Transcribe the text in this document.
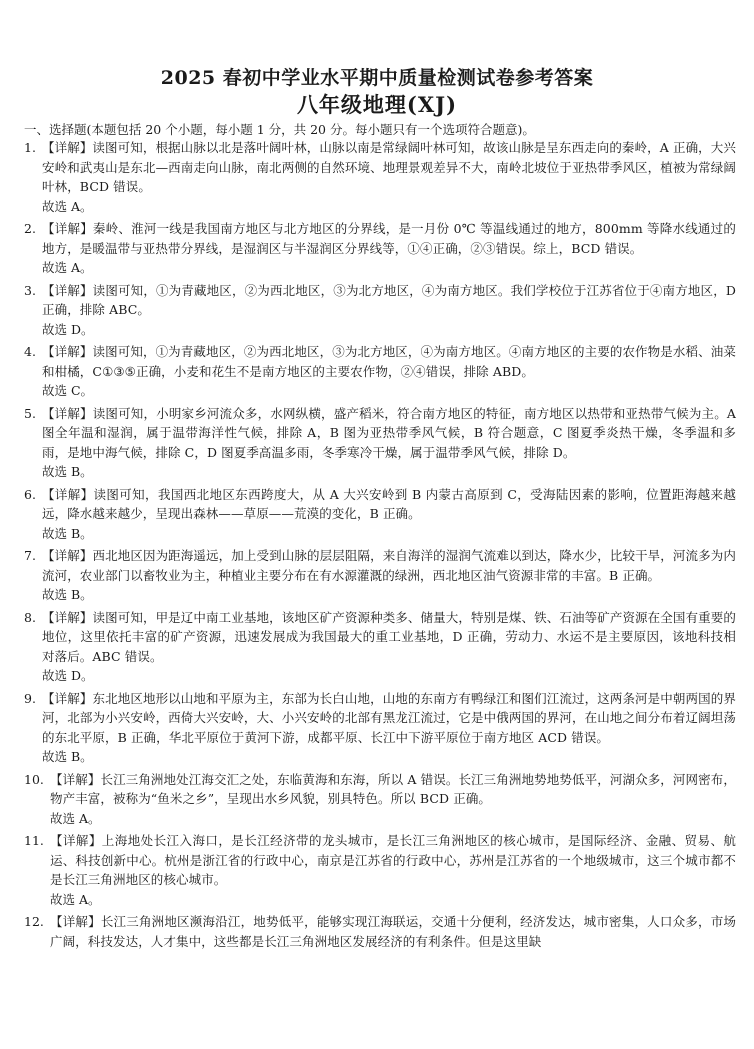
2025 春初中学业水平期中质量检测试卷参考答案
八年级地理(XJ)
一、选择题(本题包括 20 个小题，每小题 1 分，共 20 分。每小题只有一个选项符合题意)。
1. 【详解】读图可知，根据山脉以北是落叶阔叶林，山脉以南是常绿阔叶林可知，故该山脉是呈东西走向的秦岭，A 正确，大兴安岭和武夷山是东北—西南走向山脉，南北两侧的自然环境、地理景观差异不大，南岭北坡位于亚热带季风区，植被为常绿阔叶林，BCD 错误。
故选 A。
2. 【详解】秦岭、淮河一线是我国南方地区与北方地区的分界线，是一月份 0℃ 等温线通过的地方，800mm 等降水线通过的地方，是暖温带与亚热带分界线，是湿润区与半湿润区分界线等，①④正确，②③错误。综上，BCD 错误。
故选 A。
3. 【详解】读图可知，①为青藏地区，②为西北地区，③为北方地区，④为南方地区。我们学校位于江苏省位于④南方地区，D 正确，排除 ABC。
故选 D。
4. 【详解】读图可知，①为青藏地区，②为西北地区，③为北方地区，④为南方地区。④南方地区的主要的农作物是水稻、油菜和柑橘，C①③⑤正确，小麦和花生不是南方地区的主要农作物，②④错误，排除 ABD。
故选 C。
5. 【详解】读图可知，小明家乡河流众多，水网纵横，盛产稻米，符合南方地区的特征，南方地区以热带和亚热带气候为主。A 图全年温和湿润，属于温带海洋性气候，排除 A，B 图为亚热带季风气候，B 符合题意，C 图夏季炎热干燥，冬季温和多雨，是地中海气候，排除 C，D 图夏季高温多雨，冬季寒冷干燥，属于温带季风气候，排除 D。
故选 B。
6. 【详解】读图可知，我国西北地区东西跨度大，从 A 大兴安岭到 B 内蒙古高原到 C，受海陆因素的影响，位置距海越来越远，降水越来越少，呈现出森林——草原——荒漠的变化，B 正确。
故选 B。
7. 【详解】西北地区因为距海遥远，加上受到山脉的层层阻隔，来自海洋的湿润气流难以到达，降水少，比较干旱，河流多为内流河，农业部门以畜牧业为主，种植业主要分布在有水源灌溉的绿洲，西北地区油气资源非常的丰富。B 正确。
故选 B。
8. 【详解】读图可知，甲是辽中南工业基地，该地区矿产资源种类多、储量大，特别是煤、铁、石油等矿产资源在全国有重要的地位，这里依托丰富的矿产资源，迅速发展成为我国最大的重工业基地，D 正确，劳动力、水运不是主要原因，该地科技相对落后。ABC 错误。
故选 D。
9. 【详解】东北地区地形以山地和平原为主，东部为长白山地，山地的东南方有鸭绿江和图们江流过，这两条河是中朝两国的界河，北部为小兴安岭，西倚大兴安岭，大、小兴安岭的北部有黑龙江流过，它是中俄两国的界河，在山地之间分布着辽阔坦荡的东北平原，B 正确，华北平原位于黄河下游，成都平原、长江中下游平原位于南方地区 ACD 错误。
故选 B。
10. 【详解】长江三角洲地处江海交汇之处，东临黄海和东海，所以 A 错误。长江三角洲地势地势低平，河湖众多，河网密布，物产丰富，被称为“鱼米之乡”，呈现出水乡风貌，别具特色。所以 BCD 正确。
故选 A。
11. 【详解】上海地处长江入海口，是长江经济带的龙头城市，是长江三角洲地区的核心城市，是国际经济、金融、贸易、航运、科技创新中心。杭州是浙江省的行政中心，南京是江苏省的行政中心，苏州是江苏省的一个地级城市，这三个城市都不是长江三角洲地区的核心城市。
故选 A。
12. 【详解】长江三角洲地区濒海沿江，地势低平，能够实现江海联运，交通十分便利，经济发达，城市密集，人口众多，市场广阔，科技发达，人才集中，这些都是长江三角洲地区发展经济的有利条件。但是这里缺
